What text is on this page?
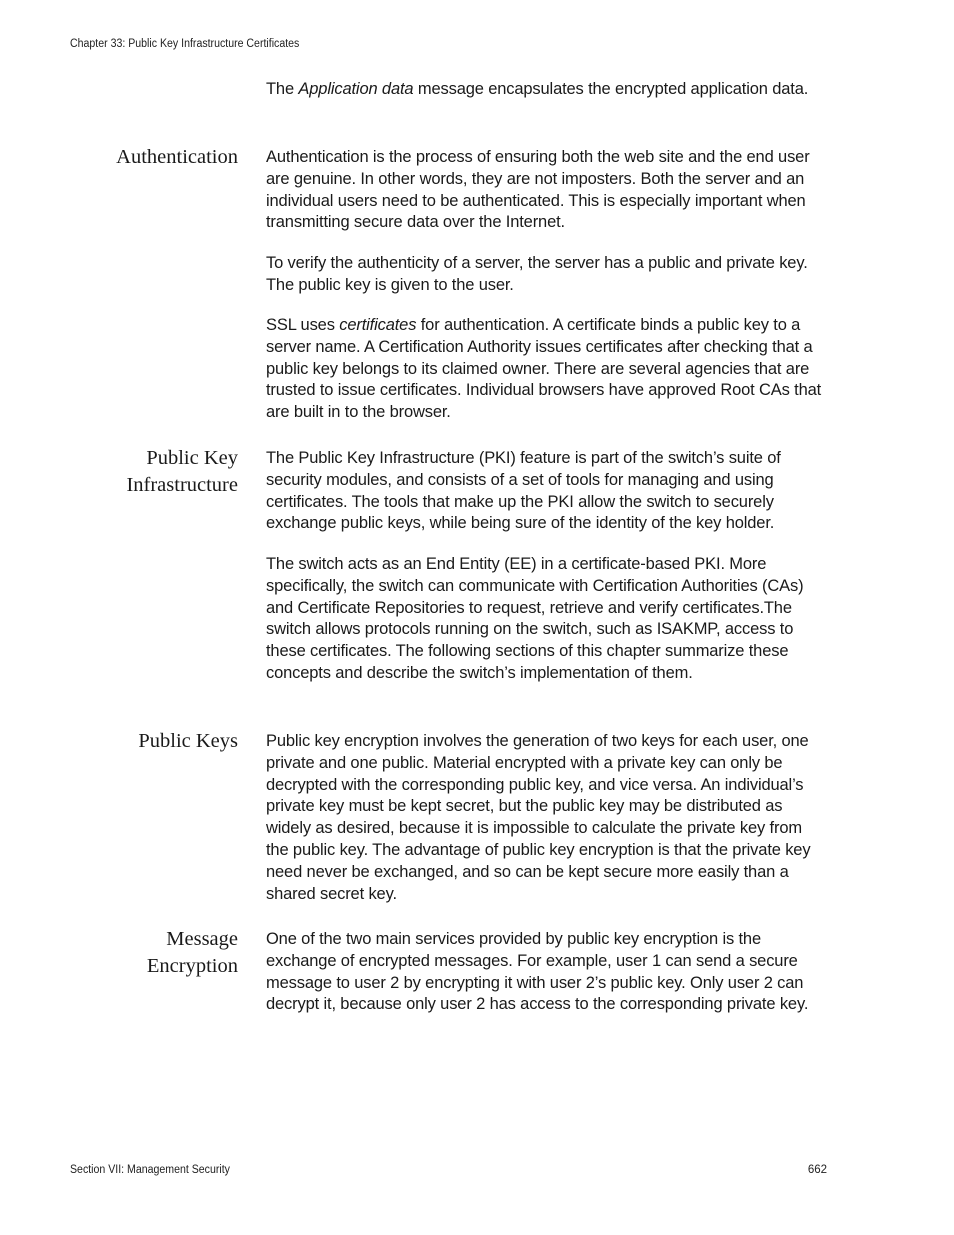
Chapter 33: Public Key Infrastructure Certificates

The Application data message encapsulates the encrypted application data.

Authentication Authentication is the process of ensuring both the web site and the end user are genuine. In other words, they are not imposters. Both the server and an individual users need to be authenticated. This is especially important when transmitting secure data over the Internet.

To verify the authenticity of a server, the server has a public and private key. The public key is given to the user.

SSL uses certificates for authentication. A certificate binds a public key to a server name. A Certification Authority issues certificates after checking that a public key belongs to its claimed owner. There are several agencies that are trusted to issue certificates. Individual browsers have approved Root CAs that are built in to the browser.

Public Key
Infrastructure

The Public Key Infrastructure (PKI) feature is part of the switch’s suite of security modules, and consists of a set of tools for managing and using certificates. The tools that make up the PKI allow the switch to securely exchange public keys, while being sure of the identity of the key holder.

The switch acts as an End Entity (EE) in a certificate-based PKI. More specifically, the switch can communicate with Certification Authorities (CAs) and Certificate Repositories to request, retrieve and verify certificates.The switch allows protocols running on the switch, such as ISAKMP, access to these certificates. The following sections of this chapter summarize these concepts and describe the switch’s implementation of them.

Public Keys Public key encryption involves the generation of two keys for each user, one private and one public. Material encrypted with a private key can only be decrypted with the corresponding public key, and vice versa. An individual’s private key must be kept secret, but the public key may be distributed as widely as desired, because it is impossible to calculate the private key from the public key. The advantage of public key encryption is that the private key need never be exchanged, and so can be kept secure more easily than a shared secret key.

Message
Encryption

One of the two main services provided by public key encryption is the exchange of encrypted messages. For example, user 1 can send a secure message to user 2 by encrypting it with user 2’s public key. Only user 2 can decrypt it, because only user 2 has access to the corresponding private key.

Section VII: Management Security	662
